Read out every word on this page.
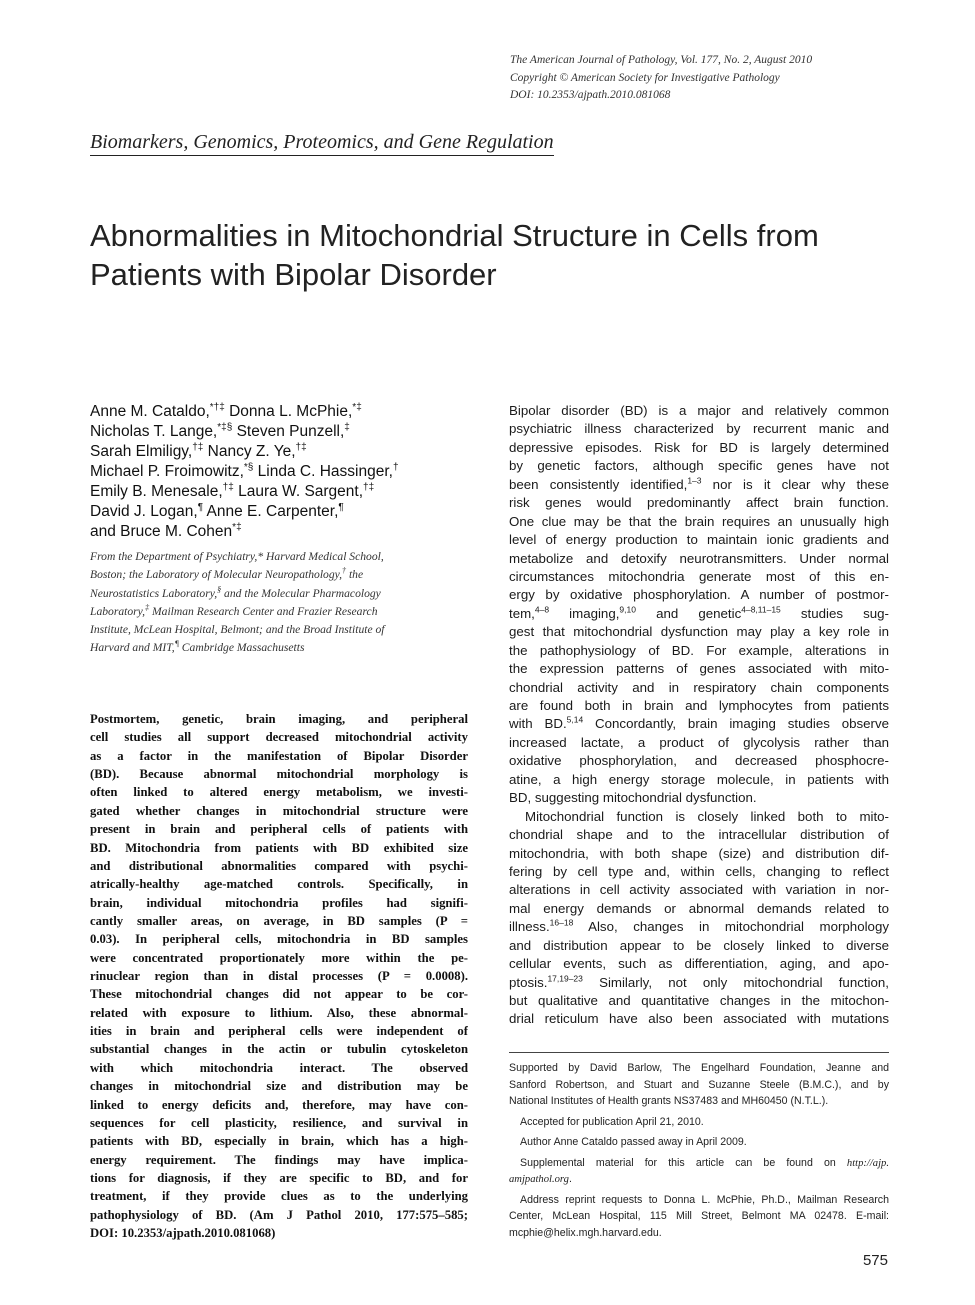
The American Journal of Pathology, Vol. 177, No. 2, August 2010
Copyright © American Society for Investigative Pathology
DOI: 10.2353/ajpath.2010.081068
Biomarkers, Genomics, Proteomics, and Gene Regulation
Abnormalities in Mitochondrial Structure in Cells from
Patients with Bipolar Disorder
Anne M. Cataldo,*†‡ Donna L. McPhie,*‡
Nicholas T. Lange,*‡§ Steven Punzell,‡
Sarah Elmiligy,†‡ Nancy Z. Ye,†‡
Michael P. Froimowitz,*§ Linda C. Hassinger,†
Emily B. Menesale,†‡ Laura W. Sargent,†‡
David J. Logan,¶ Anne E. Carpenter,¶
and Bruce M. Cohen*‡
From the Department of Psychiatry,* Harvard Medical School,
Boston; the Laboratory of Molecular Neuropathology,† the
Neurostatistics Laboratory,§ and the Molecular Pharmacology
Laboratory,‡ Mailman Research Center and Frazier Research
Institute, McLean Hospital, Belmont; and the Broad Institute of
Harvard and MIT,¶ Cambridge Massachusetts
Postmortem, genetic, brain imaging, and peripheral
cell studies all support decreased mitochondrial activity
as a factor in the manifestation of Bipolar Disorder
(BD). Because abnormal mitochondrial morphology is
often linked to altered energy metabolism, we investi-
gated whether changes in mitochondrial structure were
present in brain and peripheral cells of patients with
BD. Mitochondria from patients with BD exhibited size
and distributional abnormalities compared with psychi-
atrically-healthy age-matched controls. Specifically, in
brain, individual mitochondria profiles had signifi-
cantly smaller areas, on average, in BD samples (P =
0.03). In peripheral cells, mitochondria in BD samples
were concentrated proportionately more within the pe-
rinuclear region than in distal processes (P = 0.0008).
These mitochondrial changes did not appear to be cor-
related with exposure to lithium. Also, these abnormal-
ities in brain and peripheral cells were independent of
substantial changes in the actin or tubulin cytoskeleton
with which mitochondria interact. The observed
changes in mitochondrial size and distribution may be
linked to energy deficits and, therefore, may have con-
sequences for cell plasticity, resilience, and survival in
patients with BD, especially in brain, which has a high-
energy requirement. The findings may have implica-
tions for diagnosis, if they are specific to BD, and for
treatment, if they provide clues as to the underlying
pathophysiology of BD. (Am J Pathol 2010, 177:575–585;
DOI: 10.2353/ajpath.2010.081068)
Bipolar disorder (BD) is a major and relatively common
psychiatric illness characterized by recurrent manic and
depressive episodes. Risk for BD is largely determined
by genetic factors, although specific genes have not
been consistently identified,$^{1-3}$ nor is it clear why these
risk genes would predominantly affect brain function.
One clue may be that the brain requires an unusually high
level of energy production to maintain ionic gradients and
metabolize and detoxify neurotransmitters. Under normal
circumstances mitochondria generate most of this en-
ergy by oxidative phosphorylation. A number of postmor-
tem,$^{4-8}$ imaging,$^{9,10}$ and genetic$^{4-8,11-15}$ studies sug-
gest that mitochondrial dysfunction may play a key role in
the pathophysiology of BD. For example, alterations in
the expression patterns of genes associated with mito-
chondrial activity and in respiratory chain components
are found both in brain and lymphocytes from patients
with BD.$^{5,14}$ Concordantly, brain imaging studies observe
increased lactate, a product of glycolysis rather than
oxidative phosphorylation, and decreased phosphocre-
atine, a high energy storage molecule, in patients with
BD, suggesting mitochondrial dysfunction.
Mitochondrial function is closely linked both to mito-
chondrial shape and to the intracellular distribution of
mitochondria, with both shape (size) and distribution dif-
fering by cell type and, within cells, changing to reflect
alterations in cell activity associated with variation in nor-
mal energy demands or abnormal demands related to
illness.$^{16-18}$ Also, changes in mitochondrial morphology
and distribution appear to be closely linked to diverse
cellular events, such as differentiation, aging, and apo-
ptosis.$^{17,19-23}$ Similarly, not only mitochondrial function,
but qualitative and quantitative changes in the mitochon-
drial reticulum have also been associated with mutations
Supported by David Barlow, The Engelhard Foundation, Jeanne and
Sanford Robertson, and Stuart and Suzanne Steele (B.M.C.), and by
National Institutes of Health grants NS37483 and MH60450 (N.T.L.).
Accepted for publication April 21, 2010.
Author Anne Cataldo passed away in April 2009.
Supplemental material for this article can be found on http://ajp.
amjpathol.org.
Address reprint requests to Donna L. McPhie, Ph.D., Mailman Research
Center, McLean Hospital, 115 Mill Street, Belmont MA 02478. E-mail:
mcphie@helix.mgh.harvard.edu.
575
